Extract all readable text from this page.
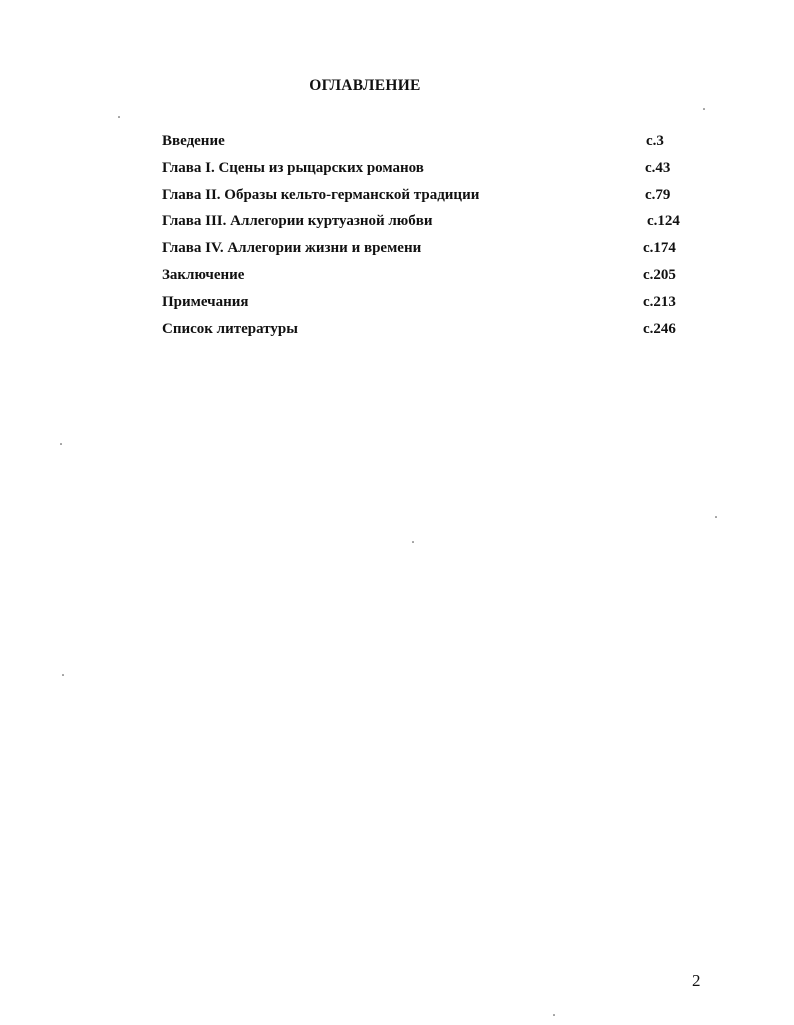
ОГЛАВЛЕНИЕ
Введение	с.3
Глава I. Сцены из рыцарских романов	с.43
Глава II. Образы кельто-германской традиции	с.79
Глава III. Аллегории куртуазной любви	с.124
Глава IV. Аллегории жизни и времени	с.174
Заключение	с.205
Примечания	с.213
Список литературы	с.246
2
